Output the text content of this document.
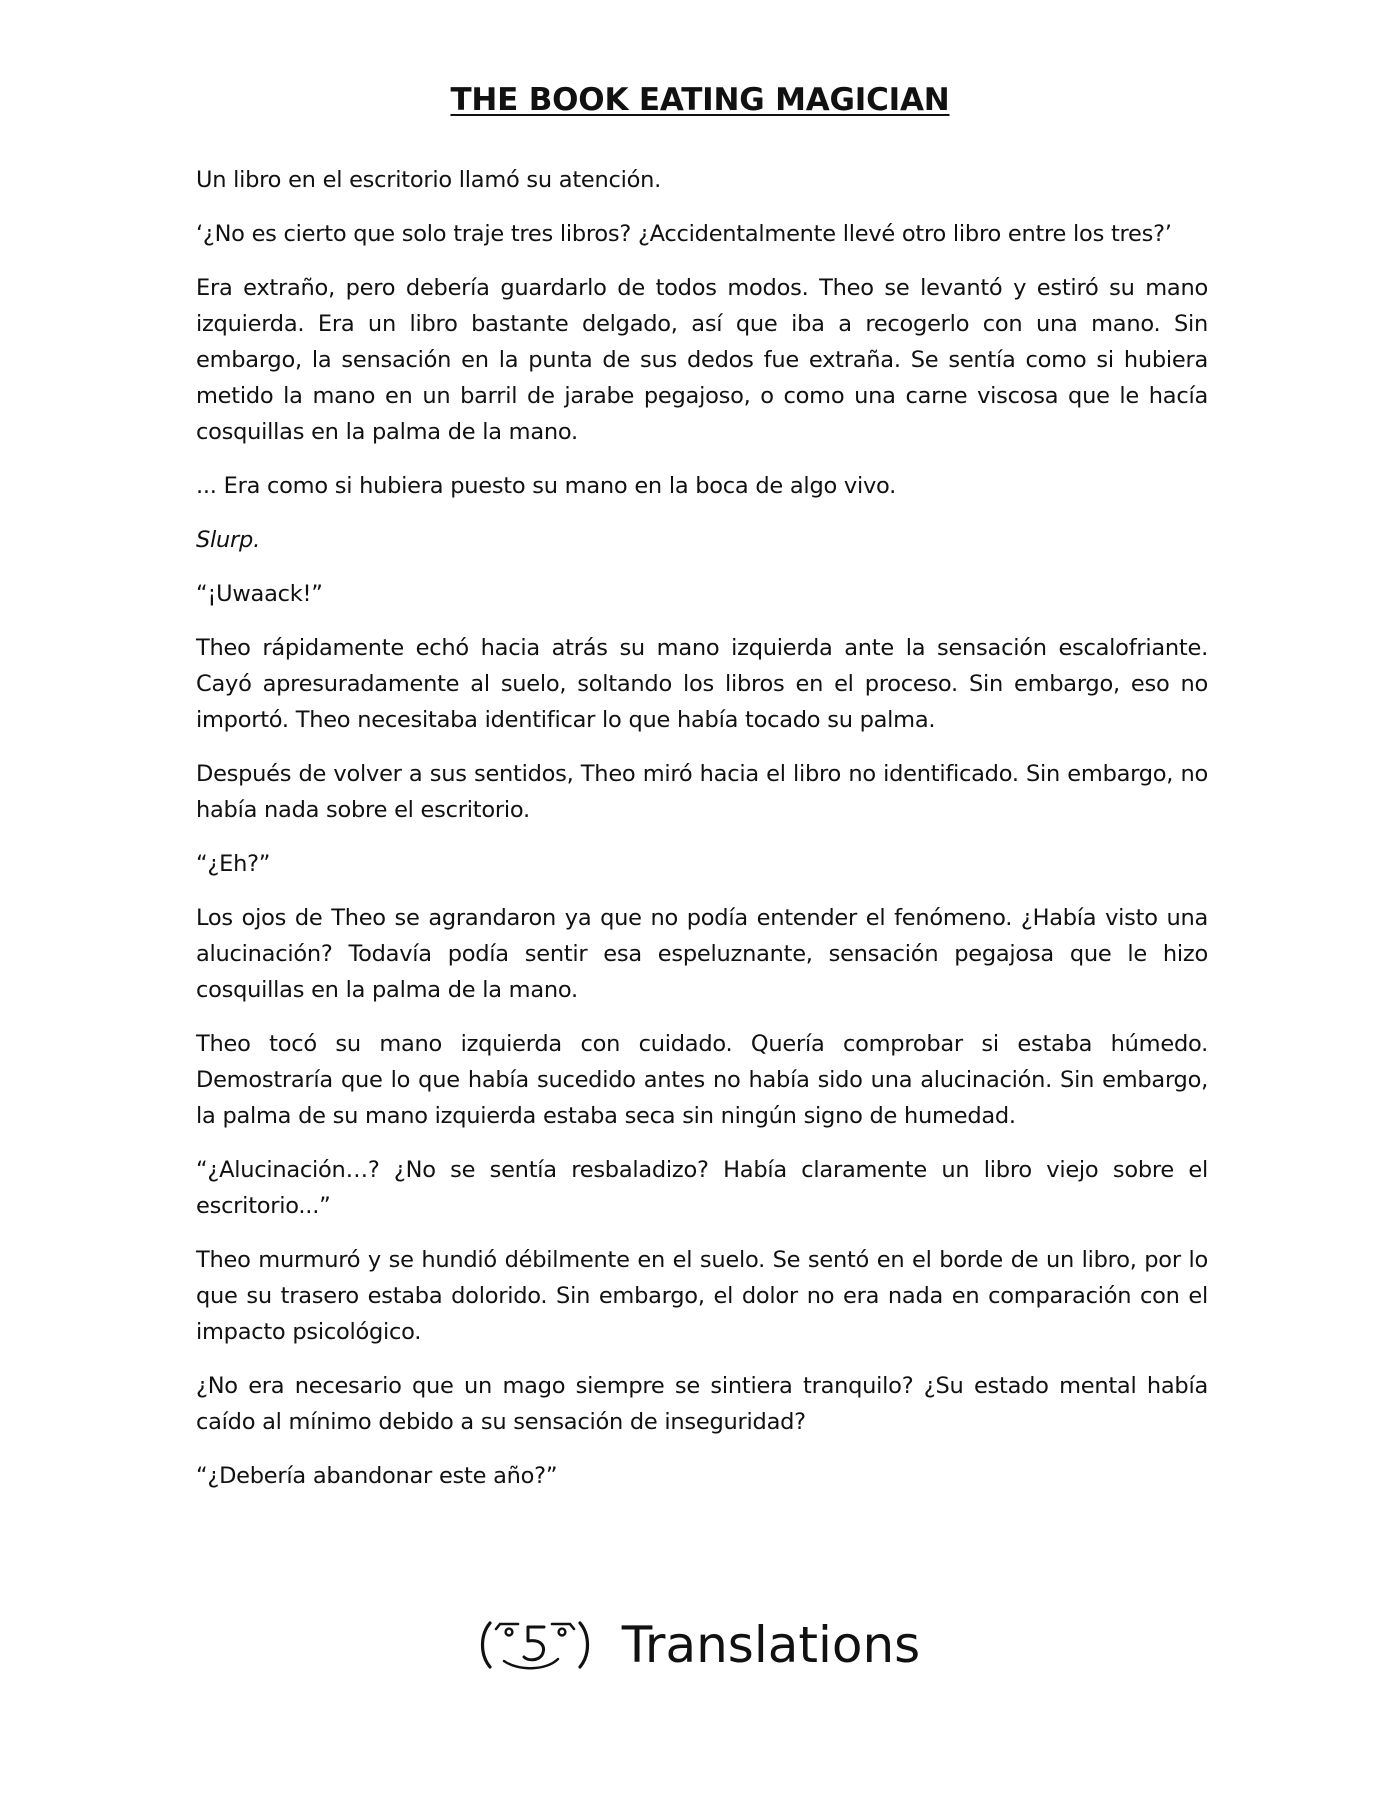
THE BOOK EATING MAGICIAN

Un libro en el escritorio llamó su atención.

‘¿No es cierto que solo traje tres libros? ¿Accidentalmente llevé otro libro entre los tres?’

Era extraño, pero debería guardarlo de todos modos. Theo se levantó y estiró su mano izquierda. Era un libro bastante delgado, así que iba a recogerlo con una mano. Sin embargo, la sensación en la punta de sus dedos fue extraña. Se sentía como si hubiera metido la mano en un barril de jarabe pegajoso, o como una carne viscosa que le hacía cosquillas en la palma de la mano.

... Era como si hubiera puesto su mano en la boca de algo vivo.

Slurp.

“¡Uwaack!”

Theo rápidamente echó hacia atrás su mano izquierda ante la sensación escalofriante. Cayó apresuradamente al suelo, soltando los libros en el proceso. Sin embargo, eso no importó. Theo necesitaba identificar lo que había tocado su palma.

Después de volver a sus sentidos, Theo miró hacia el libro no identificado. Sin embargo, no había nada sobre el escritorio.

“¿Eh?”

Los ojos de Theo se agrandaron ya que no podía entender el fenómeno. ¿Había visto una alucinación? Todavía podía sentir esa espeluznante, sensación pegajosa que le hizo cosquillas en la palma de la mano.

Theo tocó su mano izquierda con cuidado. Quería comprobar si estaba húmedo. Demostraría que lo que había sucedido antes no había sido una alucinación. Sin embargo, la palma de su mano izquierda estaba seca sin ningún signo de humedad.

“¿Alucinación…? ¿No se sentía resbaladizo? Había claramente un libro viejo sobre el escritorio...”

Theo murmuró y se hundió débilmente en el suelo. Se sentó en el borde de un libro, por lo que su trasero estaba dolorido. Sin embargo, el dolor no era nada en comparación con el impacto psicológico.

¿No era necesario que un mago siempre se sintiera tranquilo? ¿Su estado mental había caído al mínimo debido a su sensación de inseguridad?

“¿Debería abandonar este año?”

Translations
